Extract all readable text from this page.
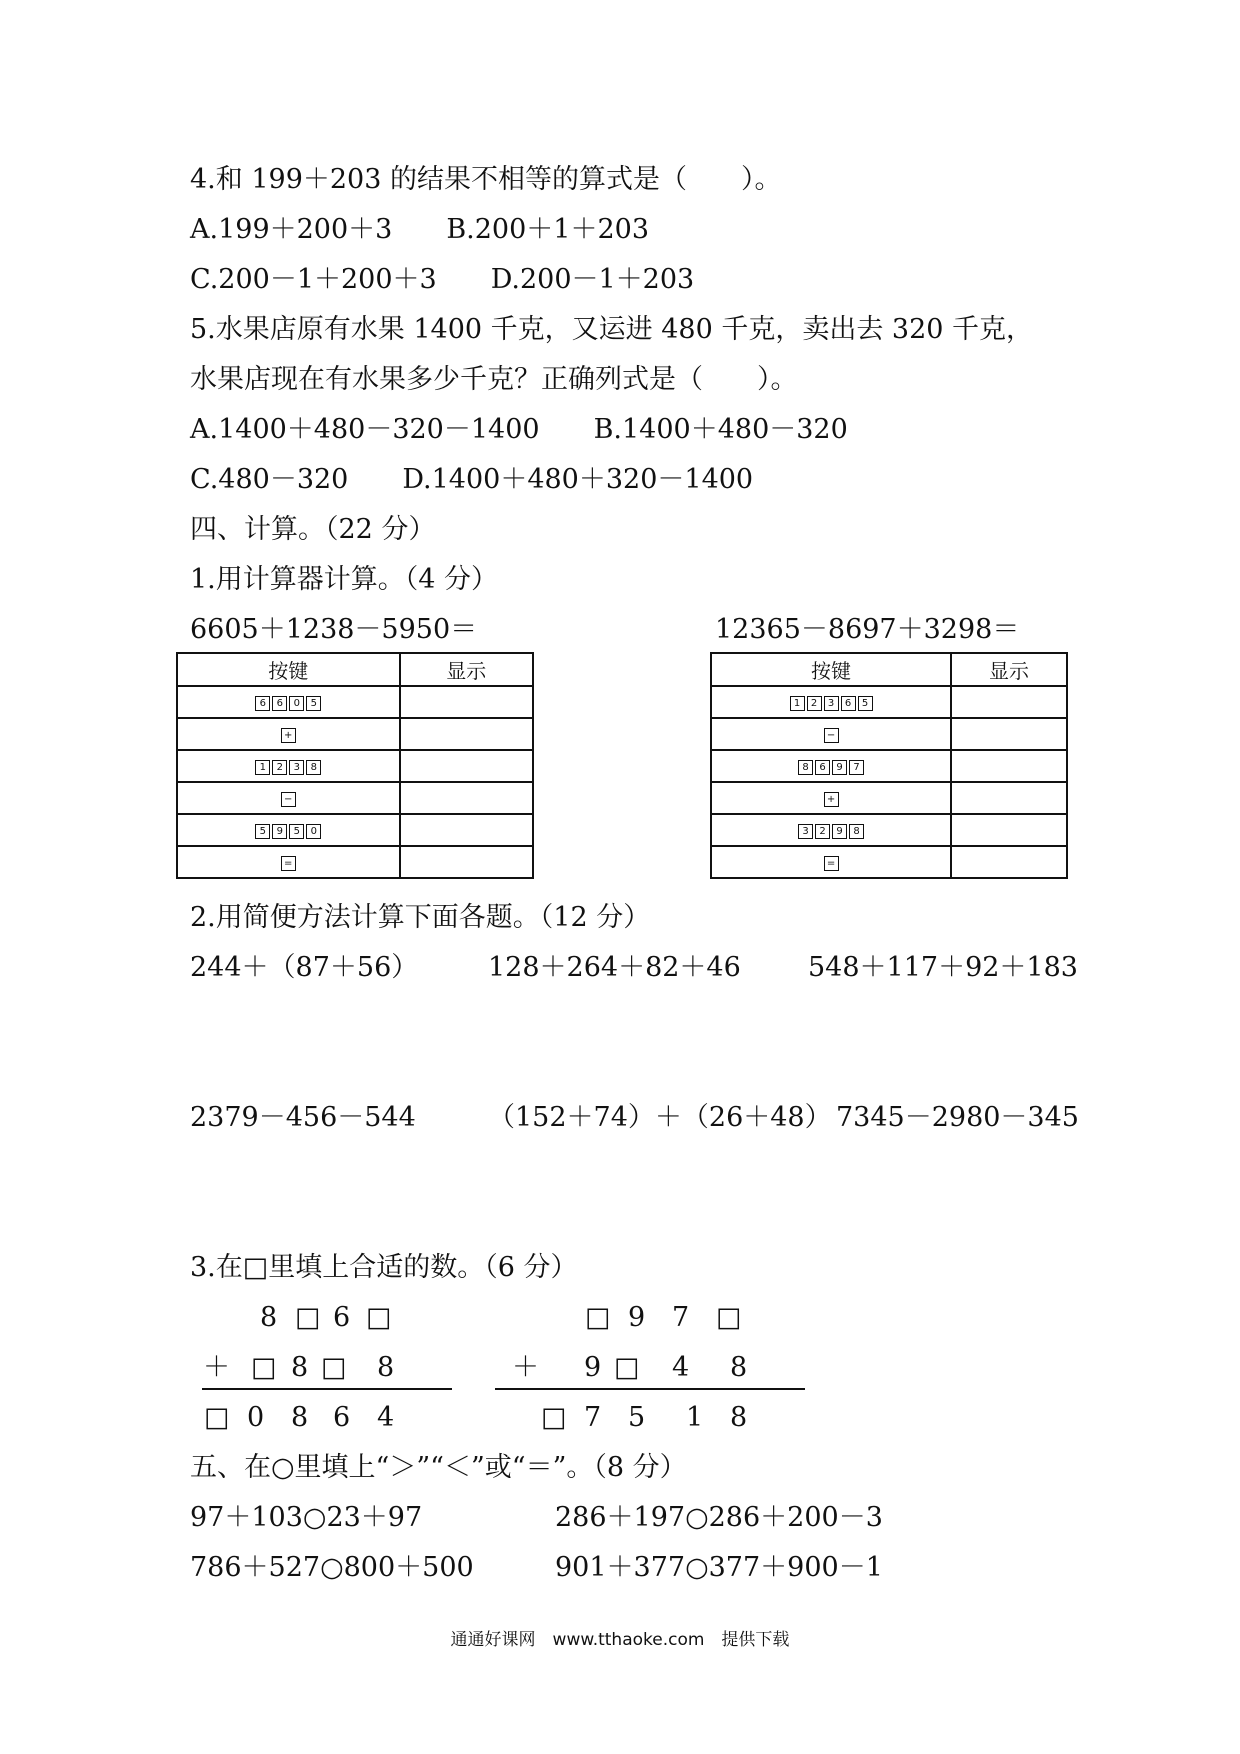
4.和 199＋203 的结果不相等的算式是（　　）。
A.199＋200＋3　　B.200＋1＋203
C.200－1＋200＋3　　D.200－1＋203
5.水果店原有水果 1400 千克，又运进 480 千克，卖出去 320 千克，
水果店现在有水果多少千克？正确列式是（　　）。
A.1400＋480－320－1400　　B.1400＋480－320
C.480－320　　D.1400＋480＋320－1400
四、计算。（22 分）
1.用计算器计算。（4 分）
6605＋1238－5950＝	12365－8697＋3298＝
按键	显示
6 6 0 5	
+	
1 2 3 8	
−	
5 9 5 0	
=	
按键	显示
1 2 3 6 5	
−	
8 6 9 7	
+	
3 2 9 8	
=	
2.用简便方法计算下面各题。（12 分）
244＋（87＋56）	128＋264＋82＋46 548＋117＋92＋183
2379－456－544	（152＋74）＋（26＋48） 7345－2980－345
3.在□里填上合适的数。（6 分）
8 □ 6 □
＋ □ 8 □ 8
□ 0 8 6 4
□ 9 7 □
＋ 9 □ 4 8
□ 7 5 1 8
五、在○里填上“＞”“＜”或“＝”。（8 分）
97＋103○23＋97	286＋197○286＋200－3
786＋527○800＋500	901＋377○377＋900－1
通通好课网　www.tthaoke.com　提供下载
